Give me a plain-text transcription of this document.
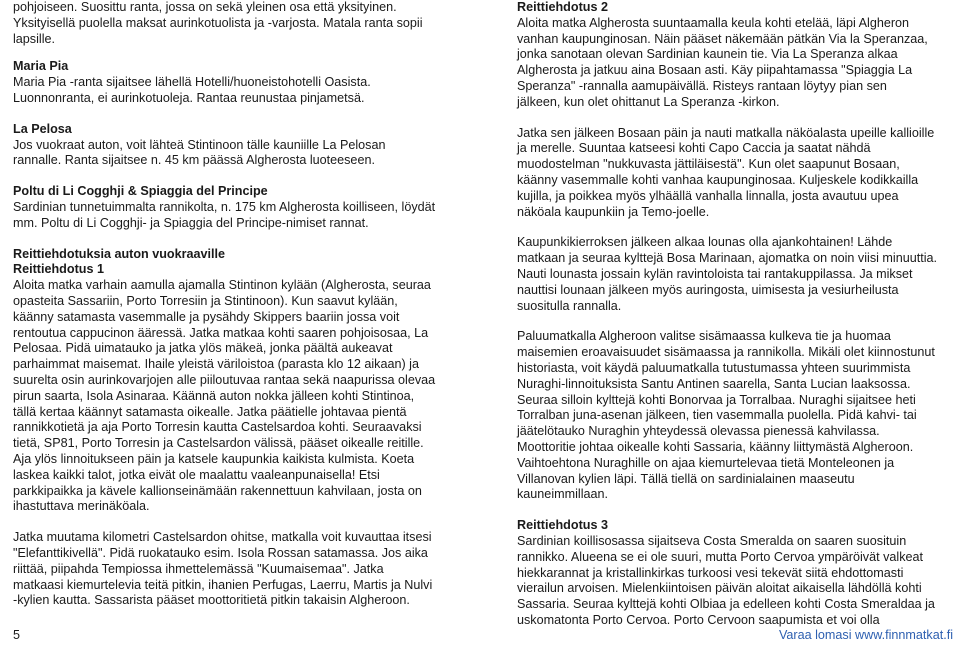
pohjoiseen. Suosittu ranta, jossa on sekä yleinen osa että yksityinen.
Yksityisellä puolella maksat aurinkotuolista ja -varjosta. Matala ranta sopii
lapsille.
Maria Pia
Maria Pia -ranta sijaitsee lähellä Hotelli/huoneistohotelli Oasista.
Luonnonranta, ei aurinkotuoleja. Rantaa reunustaa pinjametsä.
La Pelosa
Jos vuokraat auton, voit lähteä Stintinoon tälle kauniille La Pelosan
rannalle. Ranta sijaitsee n. 45 km päässä Algherosta luoteeseen.
Poltu di Li Cogghji & Spiaggia del Principe
Sardinian tunnetuimmalta rannikolta, n. 175 km Algherosta koilliseen, löydät
mm. Poltu di Li Cogghji- ja Spiaggia del Principe-nimiset rannat.
Reittiehdotuksia auton vuokraaville
Reittiehdotus 1
Aloita matka varhain aamulla ajamalla Stintinon kylään (Algherosta, seuraa
opasteita Sassariin, Porto Torresiin ja Stintinoon). Kun saavut kylään,
käänny satamasta vasemmalle ja pysähdy Skippers baariin jossa voit
rentoutua cappucinon ääressä. Jatka matkaa kohti saaren pohjoisosaa, La
Pelosaa. Pidä uimatauko ja jatka ylös mäkeä, jonka päältä aukeavat
parhaimmat maisemat. Ihaile yleistä väriloistoa (parasta klo 12 aikaan) ja
suurelta osin aurinkovarjojen alle piiloutuvaa rantaa sekä naapurissa olevaa
pirun saarta, Isola Asinaraa. Käännä auton nokka jälleen kohti Stintinoa,
tällä kertaa käännyt satamasta oikealle. Jatka päätielle johtavaa pientä
rannikkotietä ja aja Porto Torresin kautta Castelsardoa kohti. Seuraavaksi
tietä, SP81, Porto Torresin ja Castelsardon välissä, pääset oikealle reitille.
Aja ylös linnoitukseen päin ja katsele kaupunkia kaikista kulmista. Koeta
laskea kaikki talot, jotka eivät ole maalattu vaaleanpunaisella! Etsi
parkkipaikka ja kävele kallionseinämään rakennettuun kahvilaan, josta on
ihastuttava merinäköala.
Jatka muutama kilometri Castelsardon ohitse, matkalla voit kuvauttaa itsesi
"Elefanttikivellä". Pidä ruokatauko esim. Isola Rossan satamassa. Jos aika
riittää, piipahda Tempiossa ihmettelemässä "Kuumaisemaa". Jatka
matkaasi kiemurtelevia teitä pitkin, ihanien Perfugas, Laerru, Martis ja Nulvi
-kylien kautta. Sassarista pääset moottoritietä pitkin takaisin Algheroon.
Reittiehdotus 2
Aloita matka Algherosta suuntaamalla keula kohti etelää, läpi Algheron
vanhan kaupunginosan. Näin pääset näkemään pätkän Via la Speranzaa,
jonka sanotaan olevan Sardinian kaunein tie. Via La Speranza alkaa
Algherosta ja jatkuu aina Bosaan asti. Käy piipahtamassa "Spiaggia La
Speranza" -rannalla aamupäivällä. Risteys rantaan löytyy pian sen
jälkeen, kun olet ohittanut La Speranza -kirkon.
Jatka sen jälkeen Bosaan päin ja nauti matkalla näköalasta upeille kallioille
ja merelle. Suuntaa katseesi kohti Capo Caccia ja saatat nähdä
muodostelman "nukkuvasta jättiläisestä". Kun olet saapunut Bosaan,
käänny vasemmalle kohti vanhaa kaupunginosaa. Kuljeskele kodikkailla
kujilla, ja poikkea myös ylhäällä vanhalla linnalla, josta avautuu upea
näköala kaupunkiin ja Temo-joelle.
Kaupunkikierroksen jälkeen alkaa lounas olla ajankohtainen! Lähde
matkaan ja seuraa kylttejä Bosa Marinaan, ajomatka on noin viisi minuuttia.
Nauti lounasta jossain kylän ravintoloista tai rantakuppilassa. Ja mikset
nauttisi lounaan jälkeen myös auringosta, uimisesta ja vesiurheilusta
suositulla rannalla.
Paluumatkalla Algheroon valitse sisämaassa kulkeva tie ja huomaa
maisemien eroavaisuudet sisämaassa ja rannikolla. Mikäli olet kiinnostunut
historiasta, voit käydä paluumatkalla tutustumassa yhteen suurimmista
Nuraghi-linnoituksista Santu Antinen saarella, Santa Lucian laaksossa.
Seuraa silloin kylttejä kohti Bonorvaa ja Torralbaa. Nuraghi sijaitsee heti
Torralban juna-asenan jälkeen, tien vasemmalla puolella. Pidä kahvi- tai
jäätelötauko Nuraghin yhteydessä olevassa pienessä kahvilassa.
Moottoritie johtaa oikealle kohti Sassaria, käänny liittymästä Algheroon.
Vaihtoehtona Nuraghille on ajaa kiemurtelevaa tietä Monteleonen ja
Villanovan kylien läpi. Tällä tiellä on sardinialainen maaseutu
kauneimmillaan.
Reittiehdotus 3
Sardinian koillisosassa sijaitseva Costa Smeralda on saaren suosituin
rannikko. Alueena se ei ole suuri, mutta Porto Cervoa ympäröivät valkeat
hiekkarannat ja kristallinkirkas turkoosi vesi tekevät siitä ehdottomasti
vierailun arvoisen. Mielenkiintoisen päivän aloitat aikaisella lähdöllä kohti
Sassaria. Seuraa kylttejä kohti Olbiaa ja edelleen kohti Costa Smeraldaa ja
uskomatonta Porto Cervoa. Porto Cervoon saapumista et voi olla
5	Varaa lomasi www.finnmatkat.fi
